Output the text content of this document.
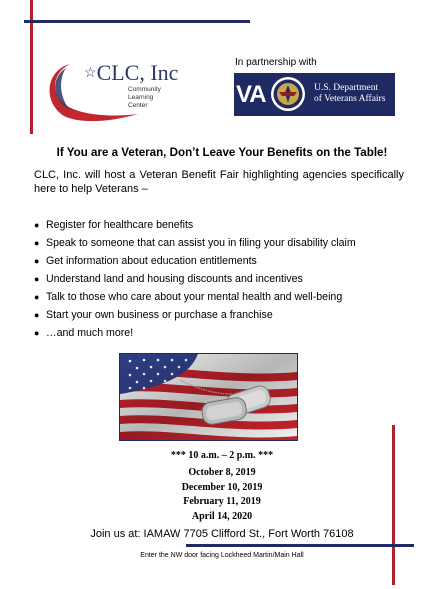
☆CLC, Inc
Community
Learning
Center
In partnership with
VA	U.S. Department
of Veterans Affairs
If You are a Veteran, Don’t Leave Your Benefits on the Table!
CLC, Inc. will host a Veteran Benefit Fair highlighting agencies specifically here to help Veterans –
● Register for healthcare benefits
● Speak to someone that can assist you in filing your disability claim
● Get information about education entitlements
● Understand land and housing discounts and incentives
● Talk to those who care about your mental health and well-being
● Start your own business or purchase a franchise
● …and much more!
*** 10 a.m. – 2 p.m. ***
October 8, 2019
December 10, 2019
February 11, 2019
April 14, 2020
Join us at: IAMAW 7705 Clifford St., Fort Worth 76108
Enter the NW door facing Lockheed Martin/Main Hall
